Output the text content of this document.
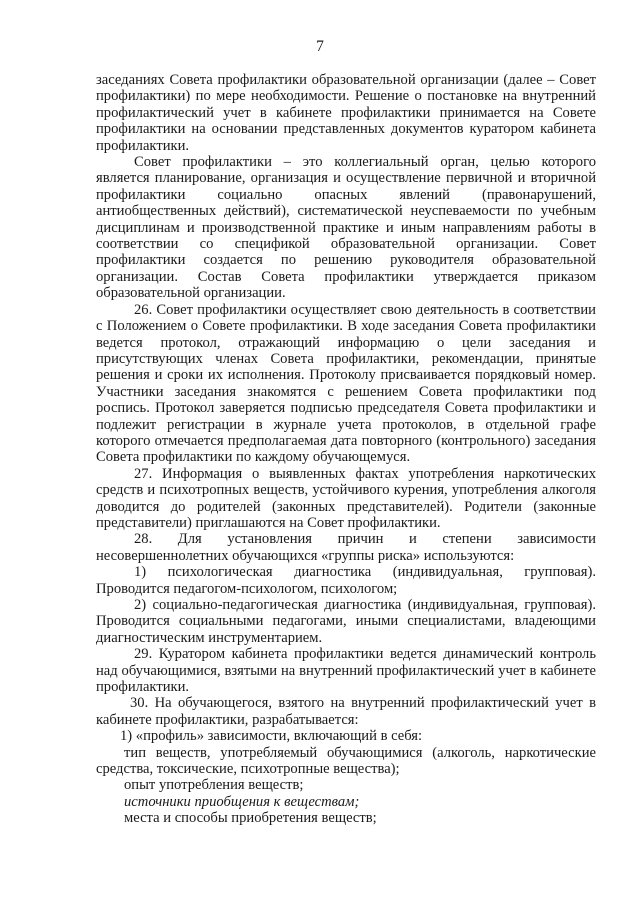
7

заседаниях Совета профилактики образовательной организации (далее – Совет профилактики) по мере необходимости. Решение о постановке на внутренний профилактический учет в кабинете профилактики принимается на Совете профилактики на основании представленных документов куратором кабинета профилактики.

Совет профилактики – это коллегиальный орган, целью которого является планирование, организация и осуществление первичной и вторичной профилактики социально опасных явлений (правонарушений, антиобщественных действий), систематической неуспеваемости по учебным дисциплинам и производственной практике и иным направлениям работы в соответствии со спецификой образовательной организации. Совет профилактики создается по решению руководителя образовательной организации. Состав Совета профилактики утверждается приказом образовательной организации.

26. Совет профилактики осуществляет свою деятельность в соответствии с Положением о Совете профилактики. В ходе заседания Совета профилактики ведется протокол, отражающий информацию о цели заседания и присутствующих членах Совета профилактики, рекомендации, принятые решения и сроки их исполнения. Протоколу присваивается порядковый номер. Участники заседания знакомятся с решением Совета профилактики под роспись. Протокол заверяется подписью председателя Совета профилактики и подлежит регистрации в журнале учета протоколов, в отдельной графе которого отмечается предполагаемая дата повторного (контрольного) заседания Совета профилактики по каждому обучающемуся.

27. Информация о выявленных фактах употребления наркотических средств и психотропных веществ, устойчивого курения, употребления алкоголя доводится до родителей (законных представителей). Родители (законные представители) приглашаются на Совет профилактики.

28. Для установления причин и степени зависимости несовершеннолетних обучающихся «группы риска» используются:

1) психологическая диагностика (индивидуальная, групповая). Проводится педагогом-психологом, психологом;

2) социально-педагогическая диагностика (индивидуальная, групповая). Проводится социальными педагогами, иными специалистами, владеющими диагностическим инструментарием.

29. Куратором кабинета профилактики ведется динамический контроль над обучающимися, взятыми на внутренний профилактический учет в кабинете профилактики.

30. На обучающегося, взятого на внутренний профилактический учет в кабинете профилактики, разрабатывается:

1) «профиль» зависимости, включающий в себя:

тип веществ, употребляемый обучающимися (алкоголь, наркотические средства, токсические, психотропные вещества);

опыт употребления веществ;

источники приобщения к веществам;

места и способы приобретения веществ;
